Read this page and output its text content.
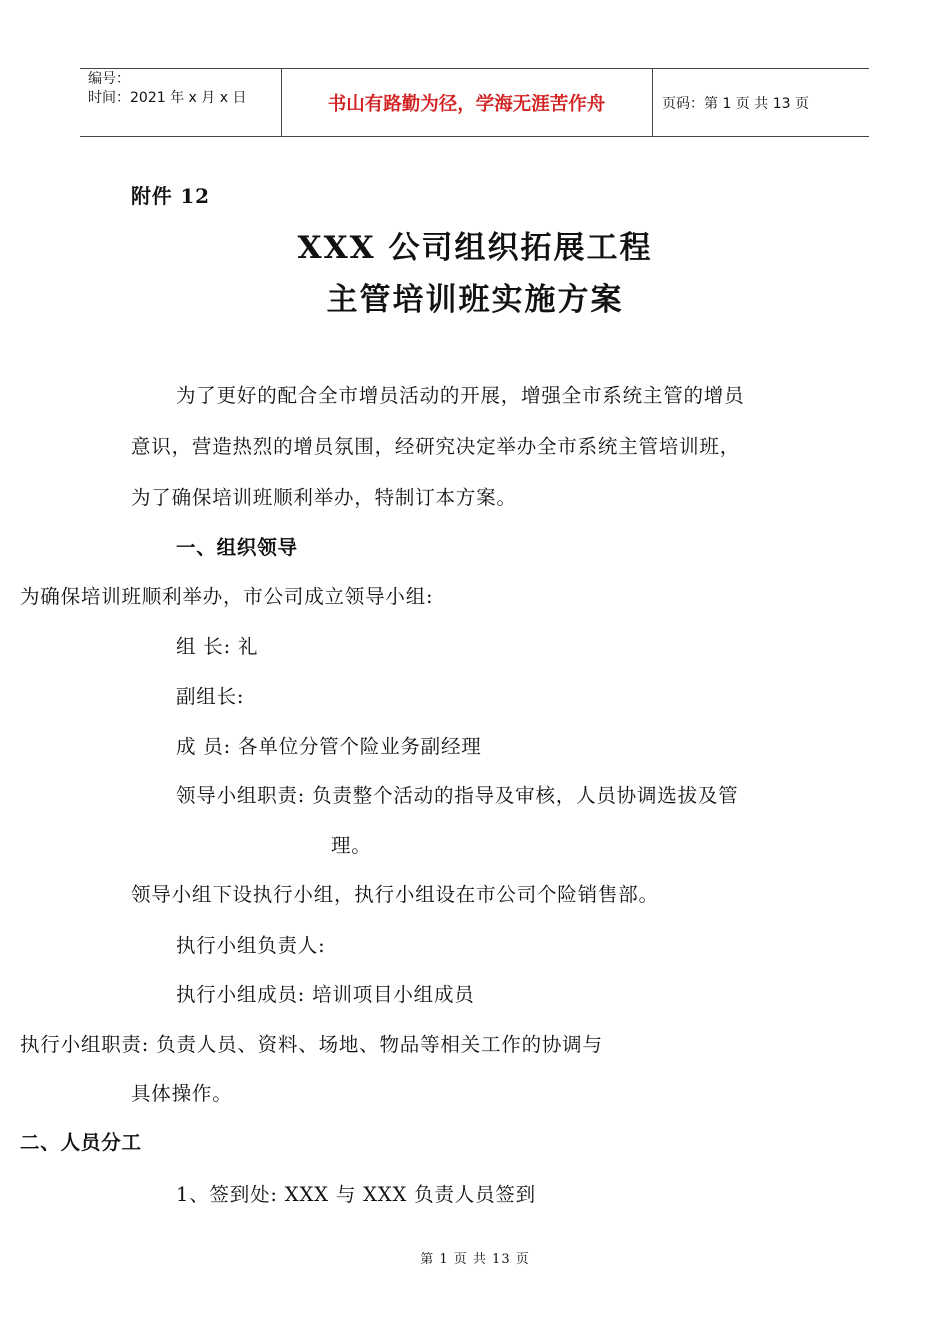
编号：
时间：2021 年 x 月 x 日	书山有路勤为径，学海无涯苦作舟	页码：第 1 页 共 13 页
附件 12
XXX 公司组织拓展工程
主管培训班实施方案
为了更好的配合全市增员活动的开展，增强全市系统主管的增员
意识，营造热烈的增员氛围，经研究决定举办全市系统主管培训班，
为了确保培训班顺利举办，特制订本方案。
一、组织领导
为确保培训班顺利举办，市公司成立领导小组:
组 长: 礼
副组长:
成 员: 各单位分管个险业务副经理
领导小组职责: 负责整个活动的指导及审核，人员协调选拔及管
理。
领导小组下设执行小组，执行小组设在市公司个险销售部。
执行小组负责人:
执行小组成员: 培训项目小组成员
执行小组职责: 负责人员、资料、场地、物品等相关工作的协调与
具体操作。
二、人员分工
1、签到处: XXX 与 XXX 负责人员签到
第 1 页 共 13 页
